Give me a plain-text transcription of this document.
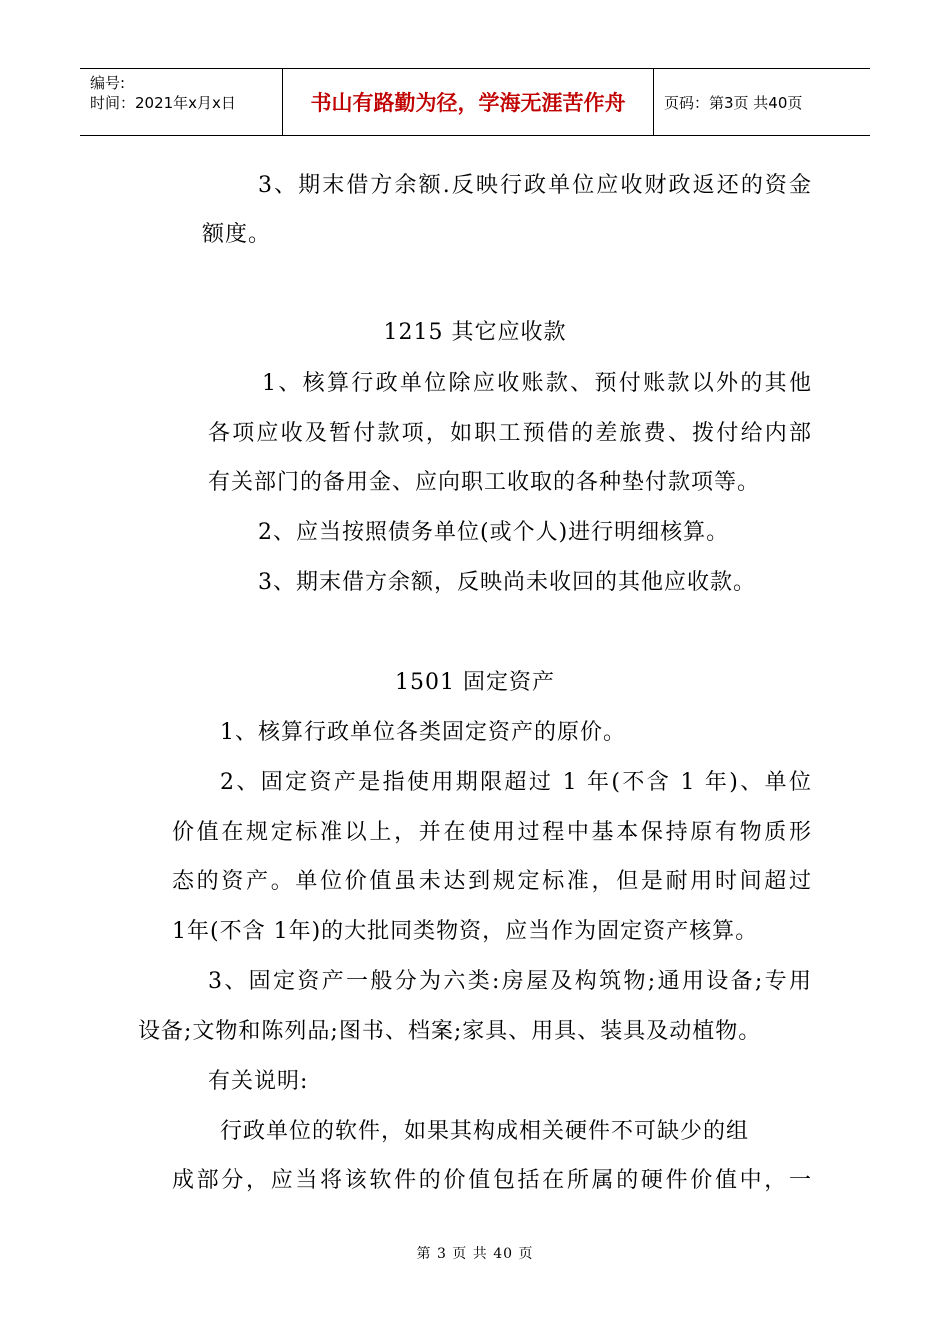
编号:
时间：2021年x月x日	书山有路勤为径，学海无涯苦作舟	页码：第3页 共40页
3、期末借方余额.反映行政单位应收财政返还的资金
额度。
1215 其它应收款
1、核算行政单位除应收账款、预付账款以外的其他
各项应收及暂付款项，如职工预借的差旅费、拨付给内部
有关部门的备用金、应向职工收取的各种垫付款项等。
2、应当按照债务单位(或个人)进行明细核算。
3、期末借方余额，反映尚未收回的其他应收款。
1501 固定资产
1、核算行政单位各类固定资产的原价。
2、固定资产是指使用期限超过 1 年(不含 1 年)、单位
价值在规定标准以上，并在使用过程中基本保持原有物质形
态的资产。单位价值虽未达到规定标准，但是耐用时间超过
1年(不含 1年)的大批同类物资，应当作为固定资产核算。
3、固定资产一般分为六类:房屋及构筑物;通用设备;专用
设备;文物和陈列品;图书、档案;家具、用具、装具及动植物。
有关说明:
行政单位的软件，如果其构成相关硬件不可缺少的组
成部分，应当将该软件的价值包括在所属的硬件价值中，一
第 3 页 共 40 页
